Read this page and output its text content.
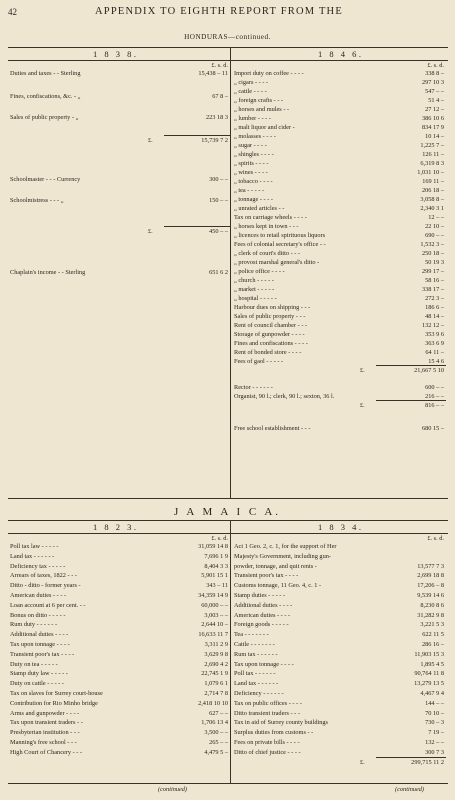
42	APPENDIX TO EIGHTH REPORT FROM THE
HONDURAS—continued.
1 8 3 8.	1 8 4 6.
£. s. d.	£. s. d.
Duties and taxes - - Sterling	15,438 – 11
Fines, confiscations, &c. - „	67 8 –
Sales of public property - „	223 18 3
£.	15,739 7 2
Schoolmaster - - - Currency	300 – –
Schoolmistress - - - „	150 – –
£.	450 – –
Chaplain's income - - Sterling	651 6 2
Import duty on coffee - - - -	338 8 –
„ cigars - - - -	297 10 3
„ cattle - - - -	547 – –
„ foreign crafts - - -	51 4 –
„ horses and mules - -	27 12 –
„ lumber - - - -	386 10 6
„ malt liquor and cider -	834 17 9
„ molasses - - - -	10 14 –
„ sugar - - - -	1,225 7 –
„ shingles - - - -	126 11 –
„ spirits - - - -	6,319 8 3
„ wines - - - -	1,031 10 –
„ tobacco - - - -	169 11 –
„ tea - - - - -	206 18 –
„ tonnage - - - -	3,058 8 –
„ unrated articles - -	2,340 3 1
Tax on carriage wheels - - - -	12 – –
„ horses kept in town - - -	22 10 –
„ licences to retail spirituous liquors	690 – –
Fees of colonial secretary's office - -	1,532 3 –
„ clerk of court's ditto - - -	250 18 –
„ provost marshal general's ditto -	50 19 3
„ police office - - - -	299 17 –
„ church - - - - -	58 16 –
„ market - - - - -	338 17 –
„ hospital - - - - -	272 3 –
Harbour dues on shipping - - -	186 6 –
Sales of public property - - -	48 14 –
Rent of council chamber - - -	132 12 –
Storage of gunpowder - - - -	353 9 6
Fines and confiscations - - - -	363 6 9
Rent of bonded store - - - -	64 11 –
Fees of gaol - - - - -	15 4 6
£.	21,667 5 10
Rector - - - - - -	600 – –
Organist, 90 l.; clerk, 90 l.; sexton, 36 l.	216 – –
£.	816 – –
Free school establishment - - -	680 15 –
J A M A I C A.
1 8 2 3.	1 8 3 4.
£. s. d.	£. s. d.
Poll tax law - - - - -	31,059 14 8
Land tax - - - - - -	7,696 1 9
Deficiency tax - - - - -	8,404 3 3
Arrears of taxes, 1822 - - -	5,901 15 1
Ditto - ditto - former years -	343 – 11
American duties - - - -	34,359 14 9
Loan account at 6 per cent. - -	60,000 – –
Bonus on ditto - - - - -	3,003 – –
Rum duty - - - - - -	2,644 10 –
Additional duties - - - -	16,633 11 7
Tax upon tonnage - - - -	3,311 2 9
Transient poor's tax - - - -	3,629 9 8
Duty on tea - - - - -	2,690 4 2
Stamp duty law - - - - -	22,745 1 9
Duty on cattle - - - - -	1,079 6 1
Tax on slaves for Surrey court-house	2,714 7 8
Contribution for Rio Minho bridge	2,418 10 10
Arms and gunpowder - - - -	627 – –
Tax upon transient traders - -	1,706 13 4
Presbyterian institution - - -	3,500 – –
Manning's free school - - -	265 – –
High Court of Chancery - - -	4,479 5 –
Act 1 Geo. 2, c. 1, for the support of Her
Majesty's Government, including gun-
powder, tonnage, and quit rents -	13,577 7 3
Transient poor's tax - - - -	2,699 18 8
Customs tonnage, 11 Geo. 4, c. 1 -	17,206 – 8
Stamp duties - - - - -	9,539 14 6
Additional duties - - - -	8,230 8 6
American duties - - - -	31,282 9 8
Foreign goods - - - - -	3,221 5 3
Tea - - - - - - -	622 11 5
Cattle - - - - - - -	286 16 –
Rum tax - - - - - -	11,903 15 3
Tax upon tonnage - - - -	1,895 4 5
Poll tax - - - - - -	90,764 11 8
Land tax - - - - - -	13,279 13 5
Deficiency - - - - - -	4,467 9 4
Tax on public offices - - - -	144 – –
Ditto transient traders - - -	70 10 –
Tax in aid of Surrey county buildings	730 – 3
Surplus duties from customs - -	7 19 –
Fees on private bills - - - -	132 – –
Ditto of chief justice - - - -	300 7 3
£.	299,715 11 2
(continued)	(continued)
